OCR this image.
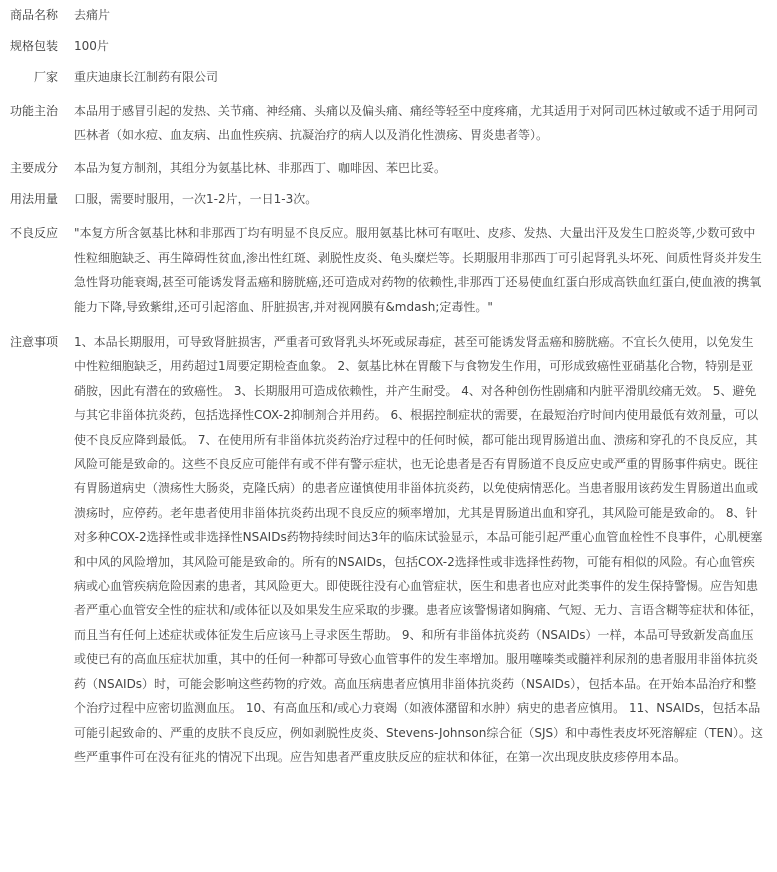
商品名称 去痛片
规格包装 100片
厂家 重庆迪康长江制药有限公司
功能主治 本品用于感冒引起的发热、关节痛、神经痛、头痛以及偏头痛、痛经等轻至中度疼痛，尤其适用于对阿司匹林过敏或不适于用阿司匹林者（如水痘、血友病、出血性疾病、抗凝治疗的病人以及消化性溃疡、胃炎患者等）。
主要成分 本品为复方制剂，其组分为氨基比林、非那西丁、咖啡因、苯巴比妥。
用法用量 口服，需要时服用，一次1-2片，一日1-3次。
不良反应 "本复方所含氨基比林和非那西丁均有明显不良反应。服用氨基比林可有呕吐、皮疹、发热、大量出汗及发生口腔炎等,少数可致中性粒细胞缺乏、再生障碍性贫血,渗出性红斑、剥脱性皮炎、龟头糜烂等。长期服用非那西丁可引起肾乳头坏死、间质性肾炎并发生急性肾功能衰竭,甚至可能诱发肾盂癌和膀胱癌,还可造成对药物的依赖性,非那西丁还易使血红蛋白形成高铁血红蛋白,使血液的携氧能力下降,导致紫绀,还可引起溶血、肝脏损害,并对视网膜有&mdash;定毒性。"
注意事项 1、本品长期服用，可导致肾脏损害，严重者可致肾乳头坏死或尿毒症，甚至可能诱发肾盂癌和膀胱癌。不宜长久使用，以免发生中性粒细胞缺乏，用药超过1周要定期检查血象。 2、氨基比林在胃酸下与食物发生作用，可形成致癌性亚硝基化合物，特别是亚硝胺，因此有潜在的致癌性。 3、长期服用可造成依赖性，并产生耐受。 4、对各种创伤性剧痛和内脏平滑肌绞痛无效。 5、避免与其它非甾体抗炎药，包括选择性COX-2抑制剂合并用药。 6、根据控制症状的需要，在最短治疗时间内使用最低有效剂量，可以使不良反应降到最低。 7、在使用所有非甾体抗炎药治疗过程中的任何时候，都可能出现胃肠道出血、溃疡和穿孔的不良反应，其风险可能是致命的。这些不良反应可能伴有或不伴有警示症状，也无论患者是否有胃肠道不良反应史或严重的胃肠事件病史。既往有胃肠道病史（溃疡性大肠炎，克隆氏病）的患者应谨慎使用非甾体抗炎药，以免使病情恶化。当患者服用该药发生胃肠道出血或溃疡时，应停药。老年患者使用非甾体抗炎药出现不良反应的频率增加，尤其是胃肠道出血和穿孔，其风险可能是致命的。 8、针对多种COX-2选择性或非选择性NSAIDs药物持续时间达3年的临床试验显示，本品可能引起严重心血管血栓性不良事件，心肌梗塞和中风的风险增加，其风险可能是致命的。所有的NSAIDs，包括COX-2选择性或非选择性药物，可能有相似的风险。有心血管疾病或心血管疾病危险因素的患者，其风险更大。即使既往没有心血管症状，医生和患者也应对此类事件的发生保持警惕。应告知患者严重心血管安全性的症状和/或体征以及如果发生应采取的步骤。患者应该警惕诸如胸痛、气短、无力、言语含糊等症状和体征，而且当有任何上述症状或体征发生后应该马上寻求医生帮助。 9、和所有非甾体抗炎药（NSAIDs）一样，本品可导致新发高血压或使已有的高血压症状加重，其中的任何一种都可导致心血管事件的发生率增加。服用噻嗪类或髓袢利尿剂的患者服用非甾体抗炎药（NSAIDs）时，可能会影响这些药物的疗效。高血压病患者应慎用非甾体抗炎药（NSAIDs），包括本品。在开始本品治疗和整个治疗过程中应密切监测血压。 10、有高血压和/或心力衰竭（如液体潴留和水肿）病史的患者应慎用。 11、NSAIDs，包括本品可能引起致命的、严重的皮肤不良反应，例如剥脱性皮炎、Stevens-Johnson综合征（SJS）和中毒性表皮坏死溶解症（TEN）。这些严重事件可在没有征兆的情况下出现。应告知患者严重皮肤反应的症状和体征，在第一次出现皮肤皮疹停用本品。
